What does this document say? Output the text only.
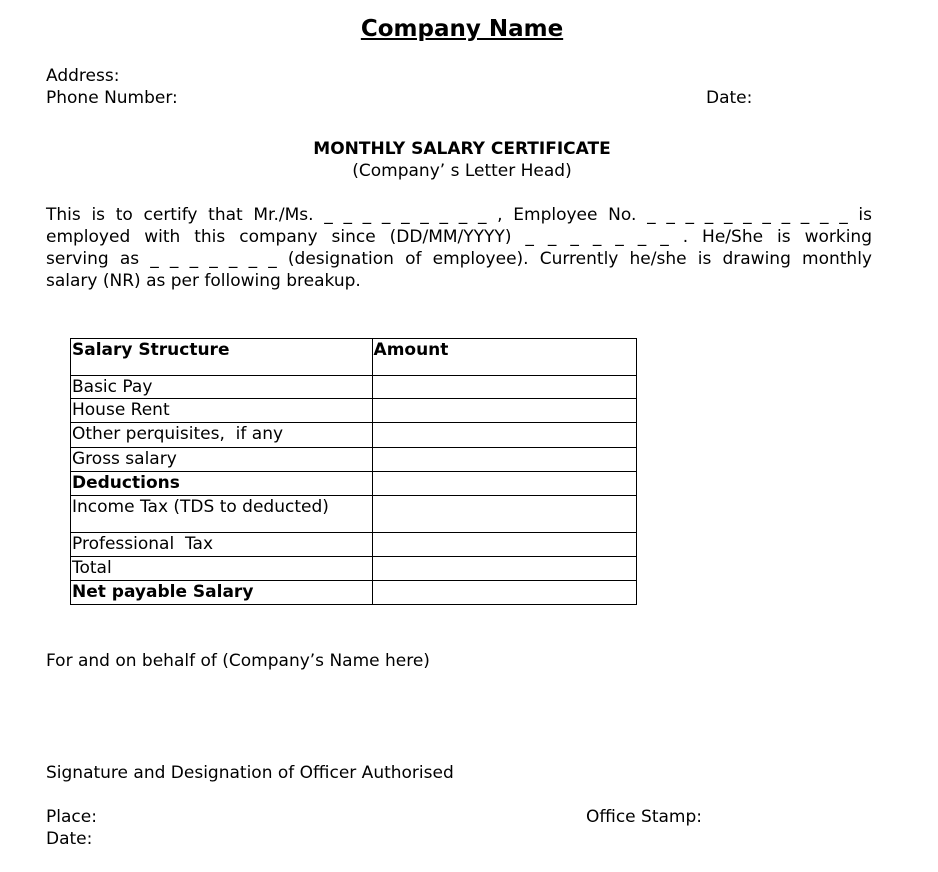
Company Name
Address:
Phone Number:	Date:
MONTHLY SALARY CERTIFICATE
(Company’ s Letter Head)
This is to certify that Mr./Ms. _ _ _ _ _ _ _ _ _ , Employee No. _ _ _ _ _ _ _ _ _ _ _ is
employed with this company since (DD/MM/YYYY) _ _ _ _ _ _ _ . He/She is working
serving as _ _ _ _ _ _ _ (designation of employee). Currently he/she is drawing monthly
salary (NR) as per following breakup.
Salary Structure	Amount
Basic Pay	
House Rent	
Other perquisites,  if any	
Gross salary	
Deductions	
Income Tax (TDS to deducted)	
Professional  Tax	
Total	
Net payable Salary	
For and on behalf of (Company’s Name here)
Signature and Designation of Officer Authorised
Place:	Office Stamp:
Date:
